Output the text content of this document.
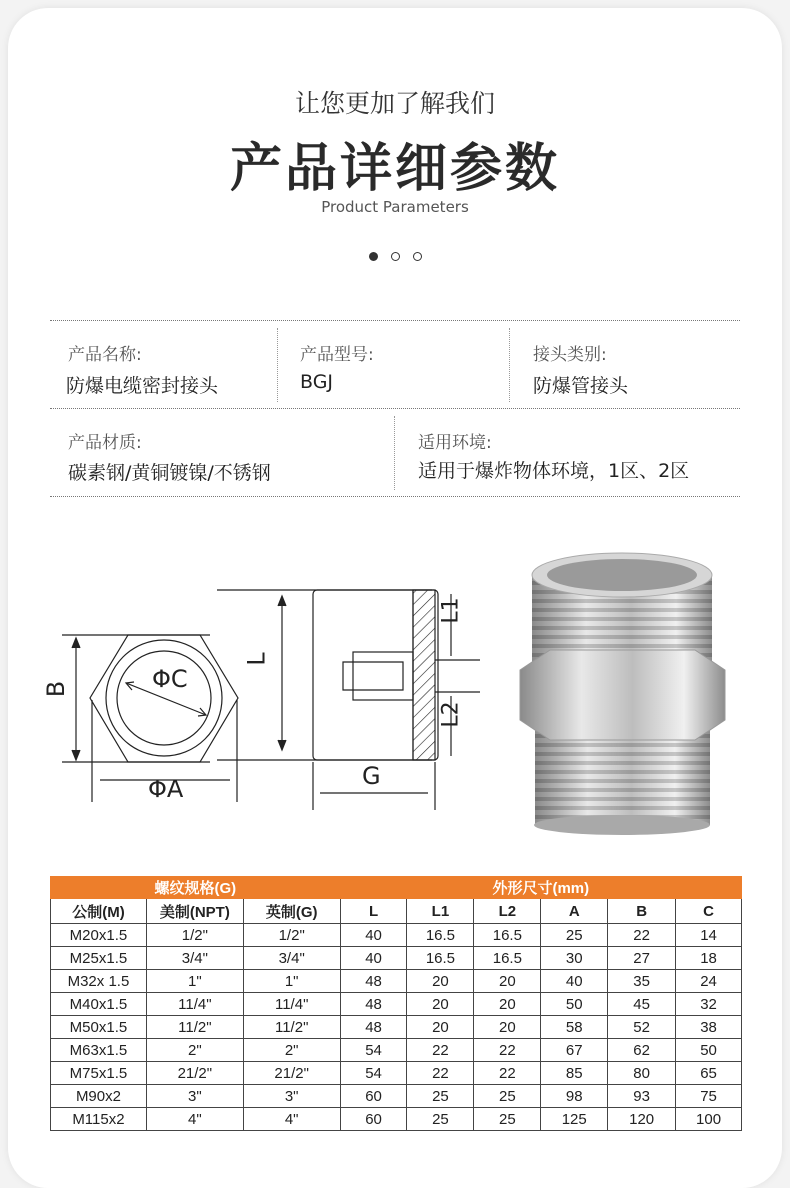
让您更加了解我们
产品详细参数
Product Parameters
产品名称:
防爆电缆密封接头
产品型号:
BGJ
接头类别:
防爆管接头
产品材质:
碳素钢/黄铜镀镍/不锈钢
适用环境:
适用于爆炸物体环境，1区、2区
B	ΦC
ΦA
L
L1
L2
G
螺纹规格(G)			外形尺寸(mm)					
公制(M)	美制(NPT)	英制(G)	L	L1	L2	A	B	C
M20x1.5	1/2"	1/2"	40	16.5	16.5	25	22	14
M25x1.5	3/4"	3/4"	40	16.5	16.5	30	27	18
M32x 1.5	1"	1"	48	20	20	40	35	24
M40x1.5	11/4"	11/4"	48	20	20	50	45	32
M50x1.5	11/2"	11/2"	48	20	20	58	52	38
M63x1.5	2"	2"	54	22	22	67	62	50
M75x1.5	21/2"	21/2"	54	22	22	85	80	65
M90x2	3"	3"	60	25	25	98	93	75
M115x2	4"	4"	60	25	25	125	120	100
